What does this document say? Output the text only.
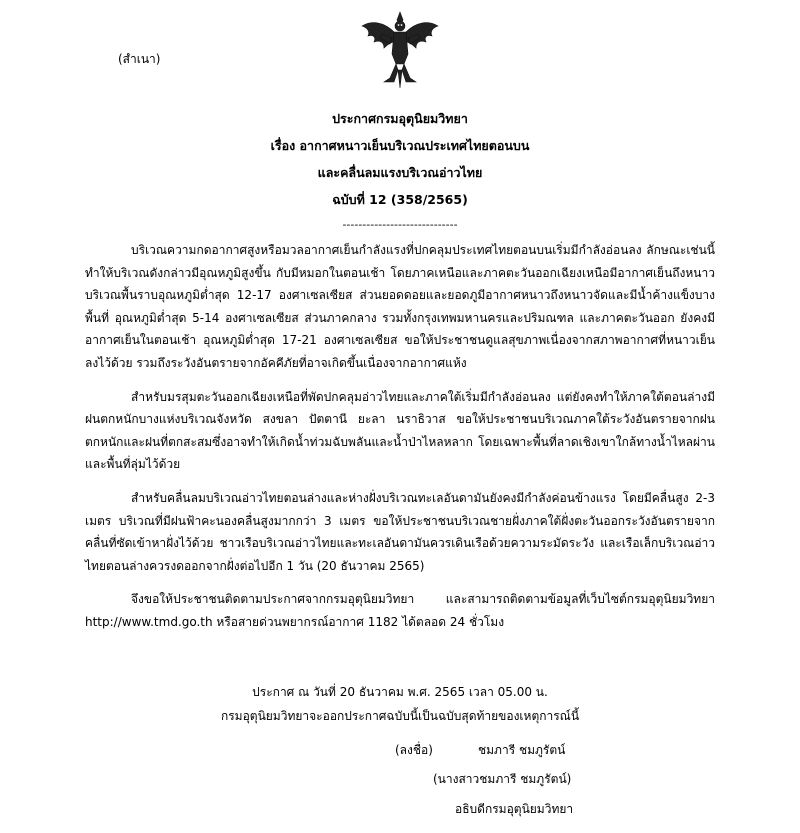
(สำเนา)
ประกาศกรมอุตุนิยมวิทยา
เรื่อง อากาศหนาวเย็นบริเวณประเทศไทยตอนบน
และคลื่นลมแรงบริเวณอ่าวไทย
ฉบับที่ 12 (358/2565)
-----------------------------

บริเวณความกดอากาศสูงหรือมวลอากาศเย็นกำลังแรงที่ปกคลุมประเทศไทยตอนบนเริ่มมีกำลังอ่อนลง ลักษณะเช่นนี้ทำให้บริเวณดังกล่าวมีอุณหภูมิสูงขึ้น กับมีหมอกในตอนเช้า โดยภาคเหนือและภาคตะวันออกเฉียงเหนือมีอากาศเย็นถึงหนาว บริเวณพื้นราบอุณหภูมิต่ำสุด 12-17 องศาเซลเซียส ส่วนยอดดอยและยอดภูมีอากาศหนาวถึงหนาวจัดและมีน้ำค้างแข็งบางพื้นที่ อุณหภูมิต่ำสุด 5-14 องศาเซลเซียส ส่วนภาคกลาง รวมทั้งกรุงเทพมหานครและปริมณฑล และภาคตะวันออก ยังคงมีอากาศเย็นในตอนเช้า อุณหภูมิต่ำสุด 17-21 องศาเซลเซียส ขอให้ประชาชนดูแลสุขภาพเนื่องจากสภาพอากาศที่หนาวเย็นลงไว้ด้วย รวมถึงระวังอันตรายจากอัคคีภัยที่อาจเกิดขึ้นเนื่องจากอากาศแห้ง

สำหรับมรสุมตะวันออกเฉียงเหนือที่พัดปกคลุมอ่าวไทยและภาคใต้เริ่มมีกำลังอ่อนลง แต่ยังคงทำให้ภาคใต้ตอนล่างมีฝนตกหนักบางแห่งบริเวณจังหวัด สงขลา ปัตตานี ยะลา นราธิวาส ขอให้ประชาชนบริเวณภาคใต้ระวังอันตรายจากฝนตกหนักและฝนที่ตกสะสมซึ่งอาจทำให้เกิดน้ำท่วมฉับพลันและน้ำป่าไหลหลาก โดยเฉพาะพื้นที่ลาดเชิงเขาใกล้ทางน้ำไหลผ่านและพื้นที่ลุ่มไว้ด้วย

สำหรับคลื่นลมบริเวณอ่าวไทยตอนล่างและห่างฝั่งบริเวณทะเลอันดามันยังคงมีกำลังค่อนข้างแรง โดยมีคลื่นสูง 2-3 เมตร บริเวณที่มีฝนฟ้าคะนองคลื่นสูงมากกว่า 3 เมตร ขอให้ประชาชนบริเวณชายฝั่งภาคใต้ฝั่งตะวันออกระวังอันตรายจากคลื่นที่ซัดเข้าหาฝั่งไว้ด้วย ชาวเรือบริเวณอ่าวไทยและทะเลอันดามันควรเดินเรือด้วยความระมัดระวัง และเรือเล็กบริเวณอ่าวไทยตอนล่างควรงดออกจากฝั่งต่อไปอีก 1 วัน (20 ธันวาคม 2565)

จึงขอให้ประชาชนติดตามประกาศจากกรมอุตุนิยมวิทยา และสามารถติดตามข้อมูลที่เว็บไซต์กรมอุตุนิยมวิทยา http://www.tmd.go.th หรือสายด่วนพยากรณ์อากาศ 1182 ได้ตลอด 24 ชั่วโมง

ประกาศ ณ วันที่ 20 ธันวาคม พ.ศ. 2565 เวลา 05.00 น.
กรมอุตุนิยมวิทยาจะออกประกาศฉบับนี้เป็นฉบับสุดท้ายของเหตุการณ์นี้
(ลงชื่อ)	ชมภารี ชมภูรัตน์
(นางสาวชมภารี ชมภูรัตน์)
อธิบดีกรมอุตุนิยมวิทยา
